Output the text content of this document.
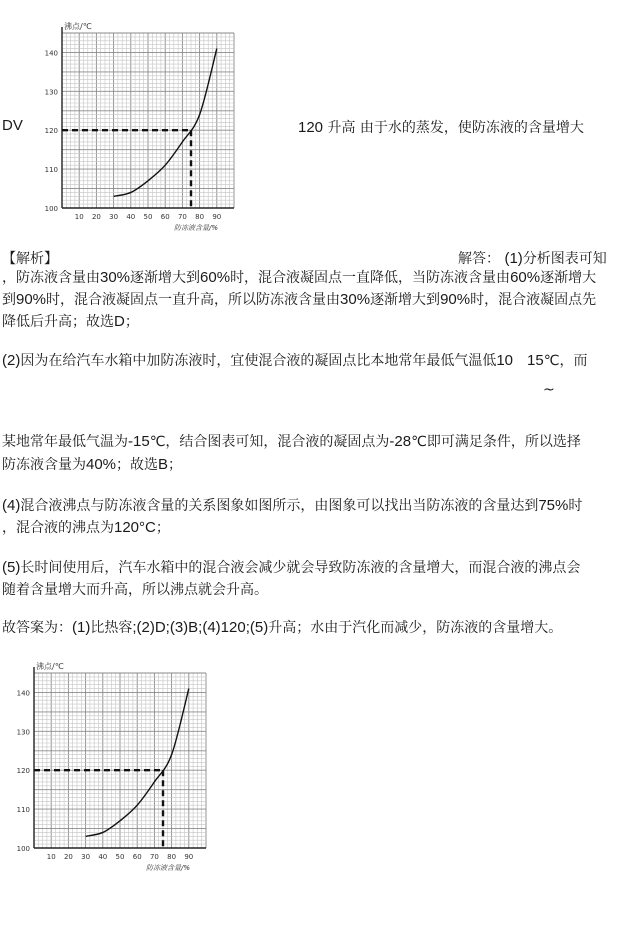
DV
100
110
120
130
140
10 20 30 40 50 60 70 80 90
沸点/℃
防冻液含量/%
120 升高 由于水的蒸发，使防冻液的含量增大
【解析】	解答： (1)分析图表可知
，防冻液含量由30%逐渐增大到60%时，混合液凝固点一直降低，当防冻液含量由60%逐渐增大
到90%时，混合液凝固点一直升高，所以防冻液含量由30%逐渐增大到90%时，混合液凝固点先
降低后升高；故选D；
(2)因为在给汽车水箱中加防冻液时，宜使混合液的凝固点比本地常年最低气温低10 15℃，而
~
某地常年最低气温为-15℃，结合图表可知，混合液的凝固点为-28℃即可满足条件，所以选择
防冻液含量为40%；故选B；
(4)混合液沸点与防冻液含量的关系图象如图所示，由图象可以找出当防冻液的含量达到75%时
，混合液的沸点为120°C；
(5)长时间使用后，汽车水箱中的混合液会减少就会导致防冻液的含量增大，而混合液的沸点会
随着含量增大而升高，所以沸点就会升高。
故答案为：(1)比热容;(2)D;(3)B;(4)120;(5)升高；水由于汽化而减少，防冻液的含量增大。
100
110
120
130
140
10 20 30 40 50 60 70 80 90
沸点/℃
防冻液含量/%
